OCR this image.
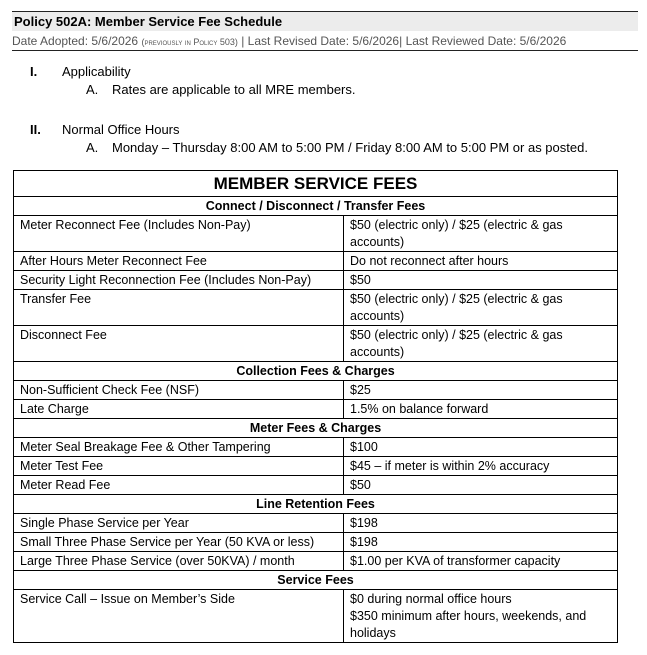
Policy 502A: Member Service Fee Schedule
Date Adopted: 5/6/2026 (previously in Policy 503) | Last Revised Date: 5/6/2026| Last Reviewed Date: 5/6/2026
I. Applicability
A. Rates are applicable to all MRE members.
II. Normal Office Hours
A. Monday – Thursday 8:00 AM to 5:00 PM / Friday 8:00 AM to 5:00 PM or as posted.
MEMBER SERVICE FEES	
Connect / Disconnect / Transfer Fees	
Meter Reconnect Fee (Includes Non-Pay)	$50 (electric only) / $25 (electric & gas accounts)
After Hours Meter Reconnect Fee	Do not reconnect after hours
Security Light Reconnection Fee (Includes Non-Pay)	$50
Transfer Fee	$50 (electric only) / $25 (electric & gas accounts)
Disconnect Fee	$50 (electric only) / $25 (electric & gas accounts)
Collection Fees & Charges	
Non-Sufficient Check Fee (NSF)	$25
Late Charge	1.5% on balance forward
Meter Fees & Charges	
Meter Seal Breakage Fee & Other Tampering	$100
Meter Test Fee	$45 – if meter is within 2% accuracy
Meter Read Fee	$50
Line Retention Fees	
Single Phase Service per Year	$198
Small Three Phase Service per Year (50 KVA or less)	$198
Large Three Phase Service (over 50KVA) / month	$1.00 per KVA of transformer capacity
Service Fees	
Service Call – Issue on Member’s Side	$0 during normal office hours
$350 minimum after hours, weekends, and holidays
